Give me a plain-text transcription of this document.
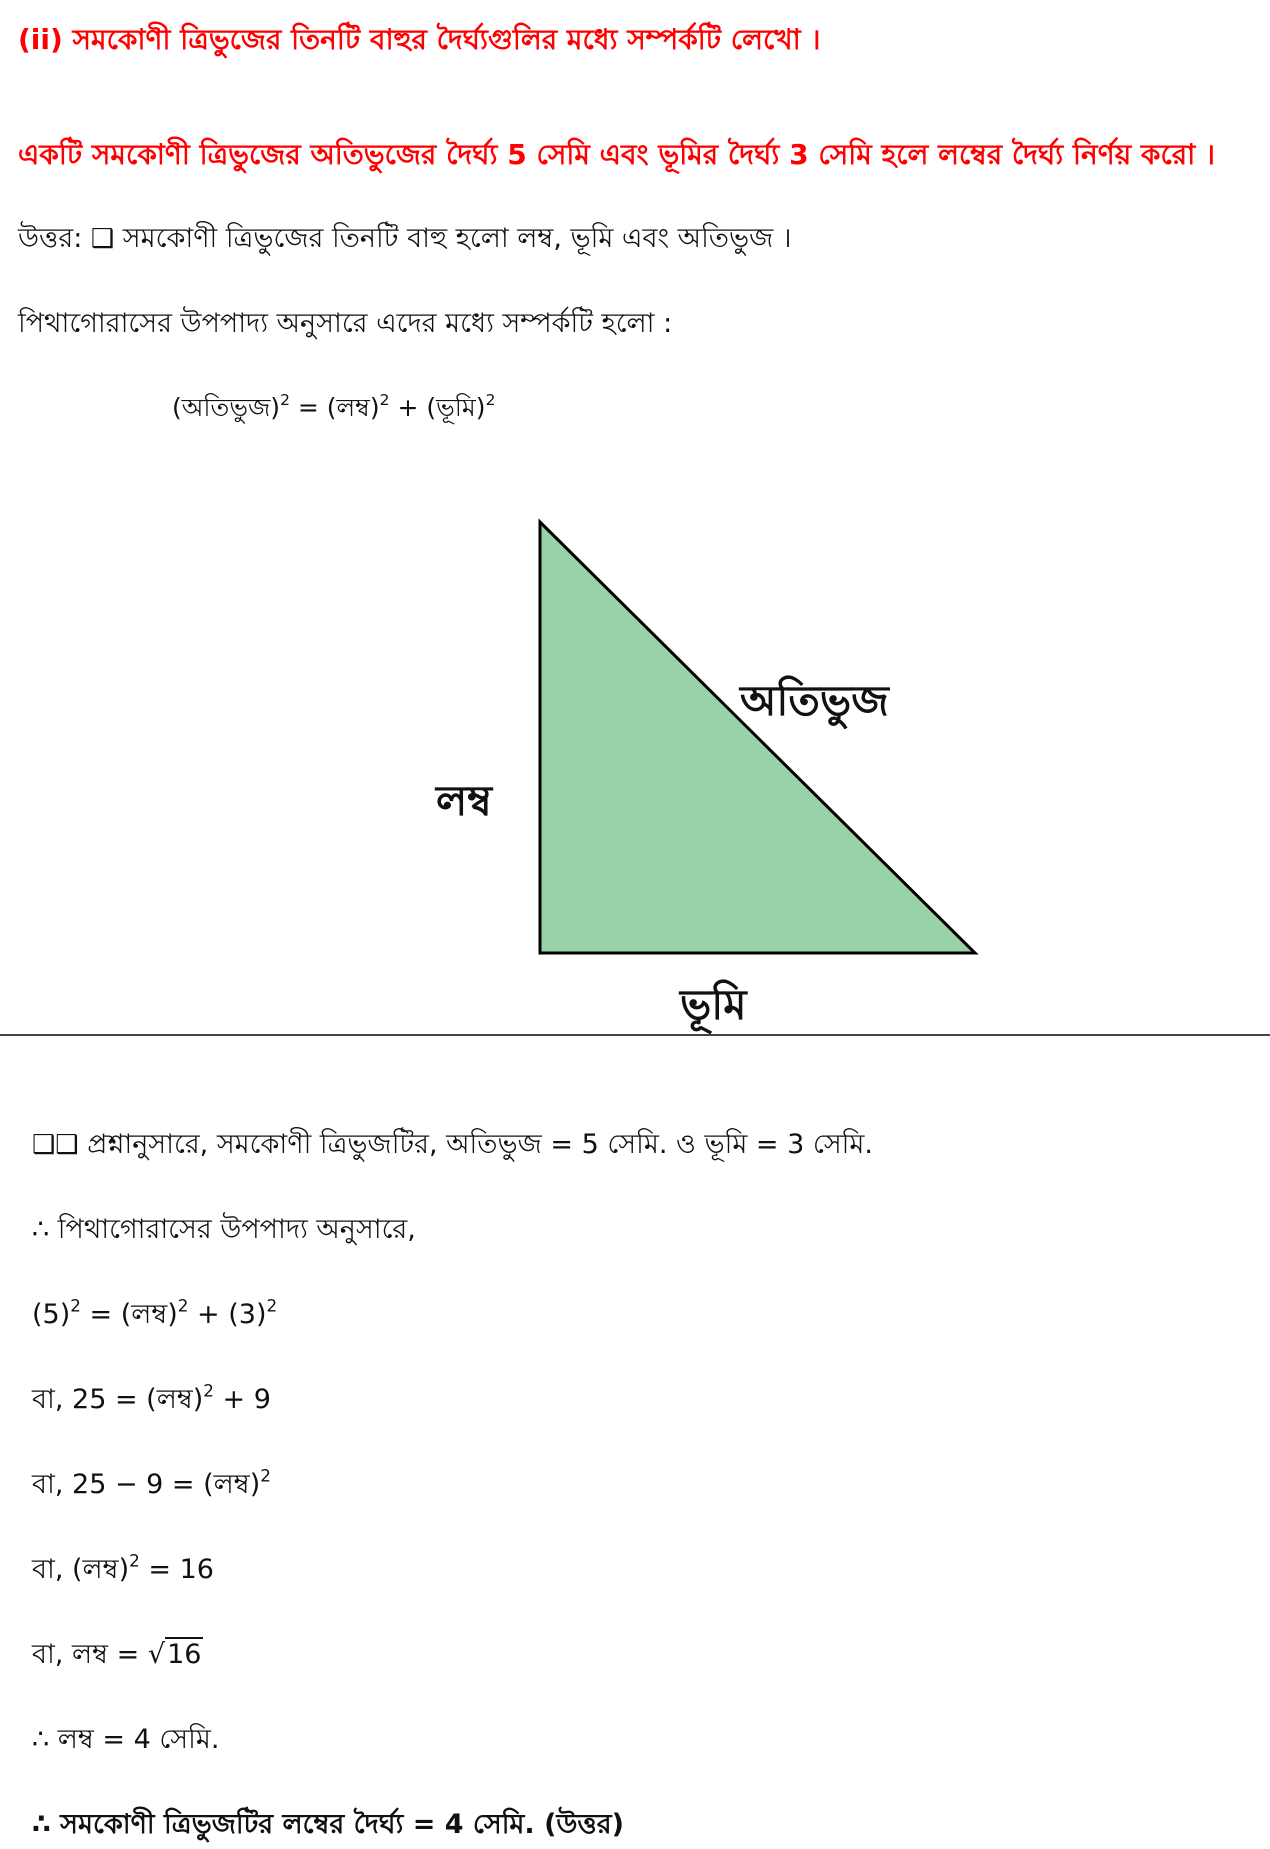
(ii) সমকোণী ত্রিভুজের তিনটি বাহুর দৈর্ঘ্যগুলির মধ্যে সম্পর্কটি লেখো ।

একটি সমকোণী ত্রিভুজের অতিভুজের দৈর্ঘ্য 5 সেমি এবং ভূমির দৈর্ঘ্য 3 সেমি হলে লম্বের দৈর্ঘ্য নির্ণয় করো ।

উত্তর: ❑ সমকোণী ত্রিভুজের তিনটি বাহু হলো লম্ব, ভূমি এবং অতিভুজ ।

পিথাগোরাসের উপপাদ্য অনুসারে এদের মধ্যে সম্পর্কটি হলো :

(অতিভুজ)$^2$ = (লম্ব)$^2$ + (ভূমি)$^2$

অতিভুজ
লম্ব
ভূমি

❑❑ প্রশ্নানুসারে, সমকোণী ত্রিভুজটির, অতিভুজ = 5 সেমি. ও ভূমি = 3 সেমি.

∴ পিথাগোরাসের উপপাদ্য অনুসারে,

$(5)^2$ = (লম্ব)$^2$ + $(3)^2$

বা, 25 = (লম্ব)$^2$ + 9

বা, 25 − 9 = (লম্ব)$^2$

বা, (লম্ব)$^2$ = 16

বা, লম্ব = √16

∴ লম্ব = 4 সেমি.

∴ সমকোণী ত্রিভুজটির লম্বের দৈর্ঘ্য = 4 সেমি. (উত্তর)
